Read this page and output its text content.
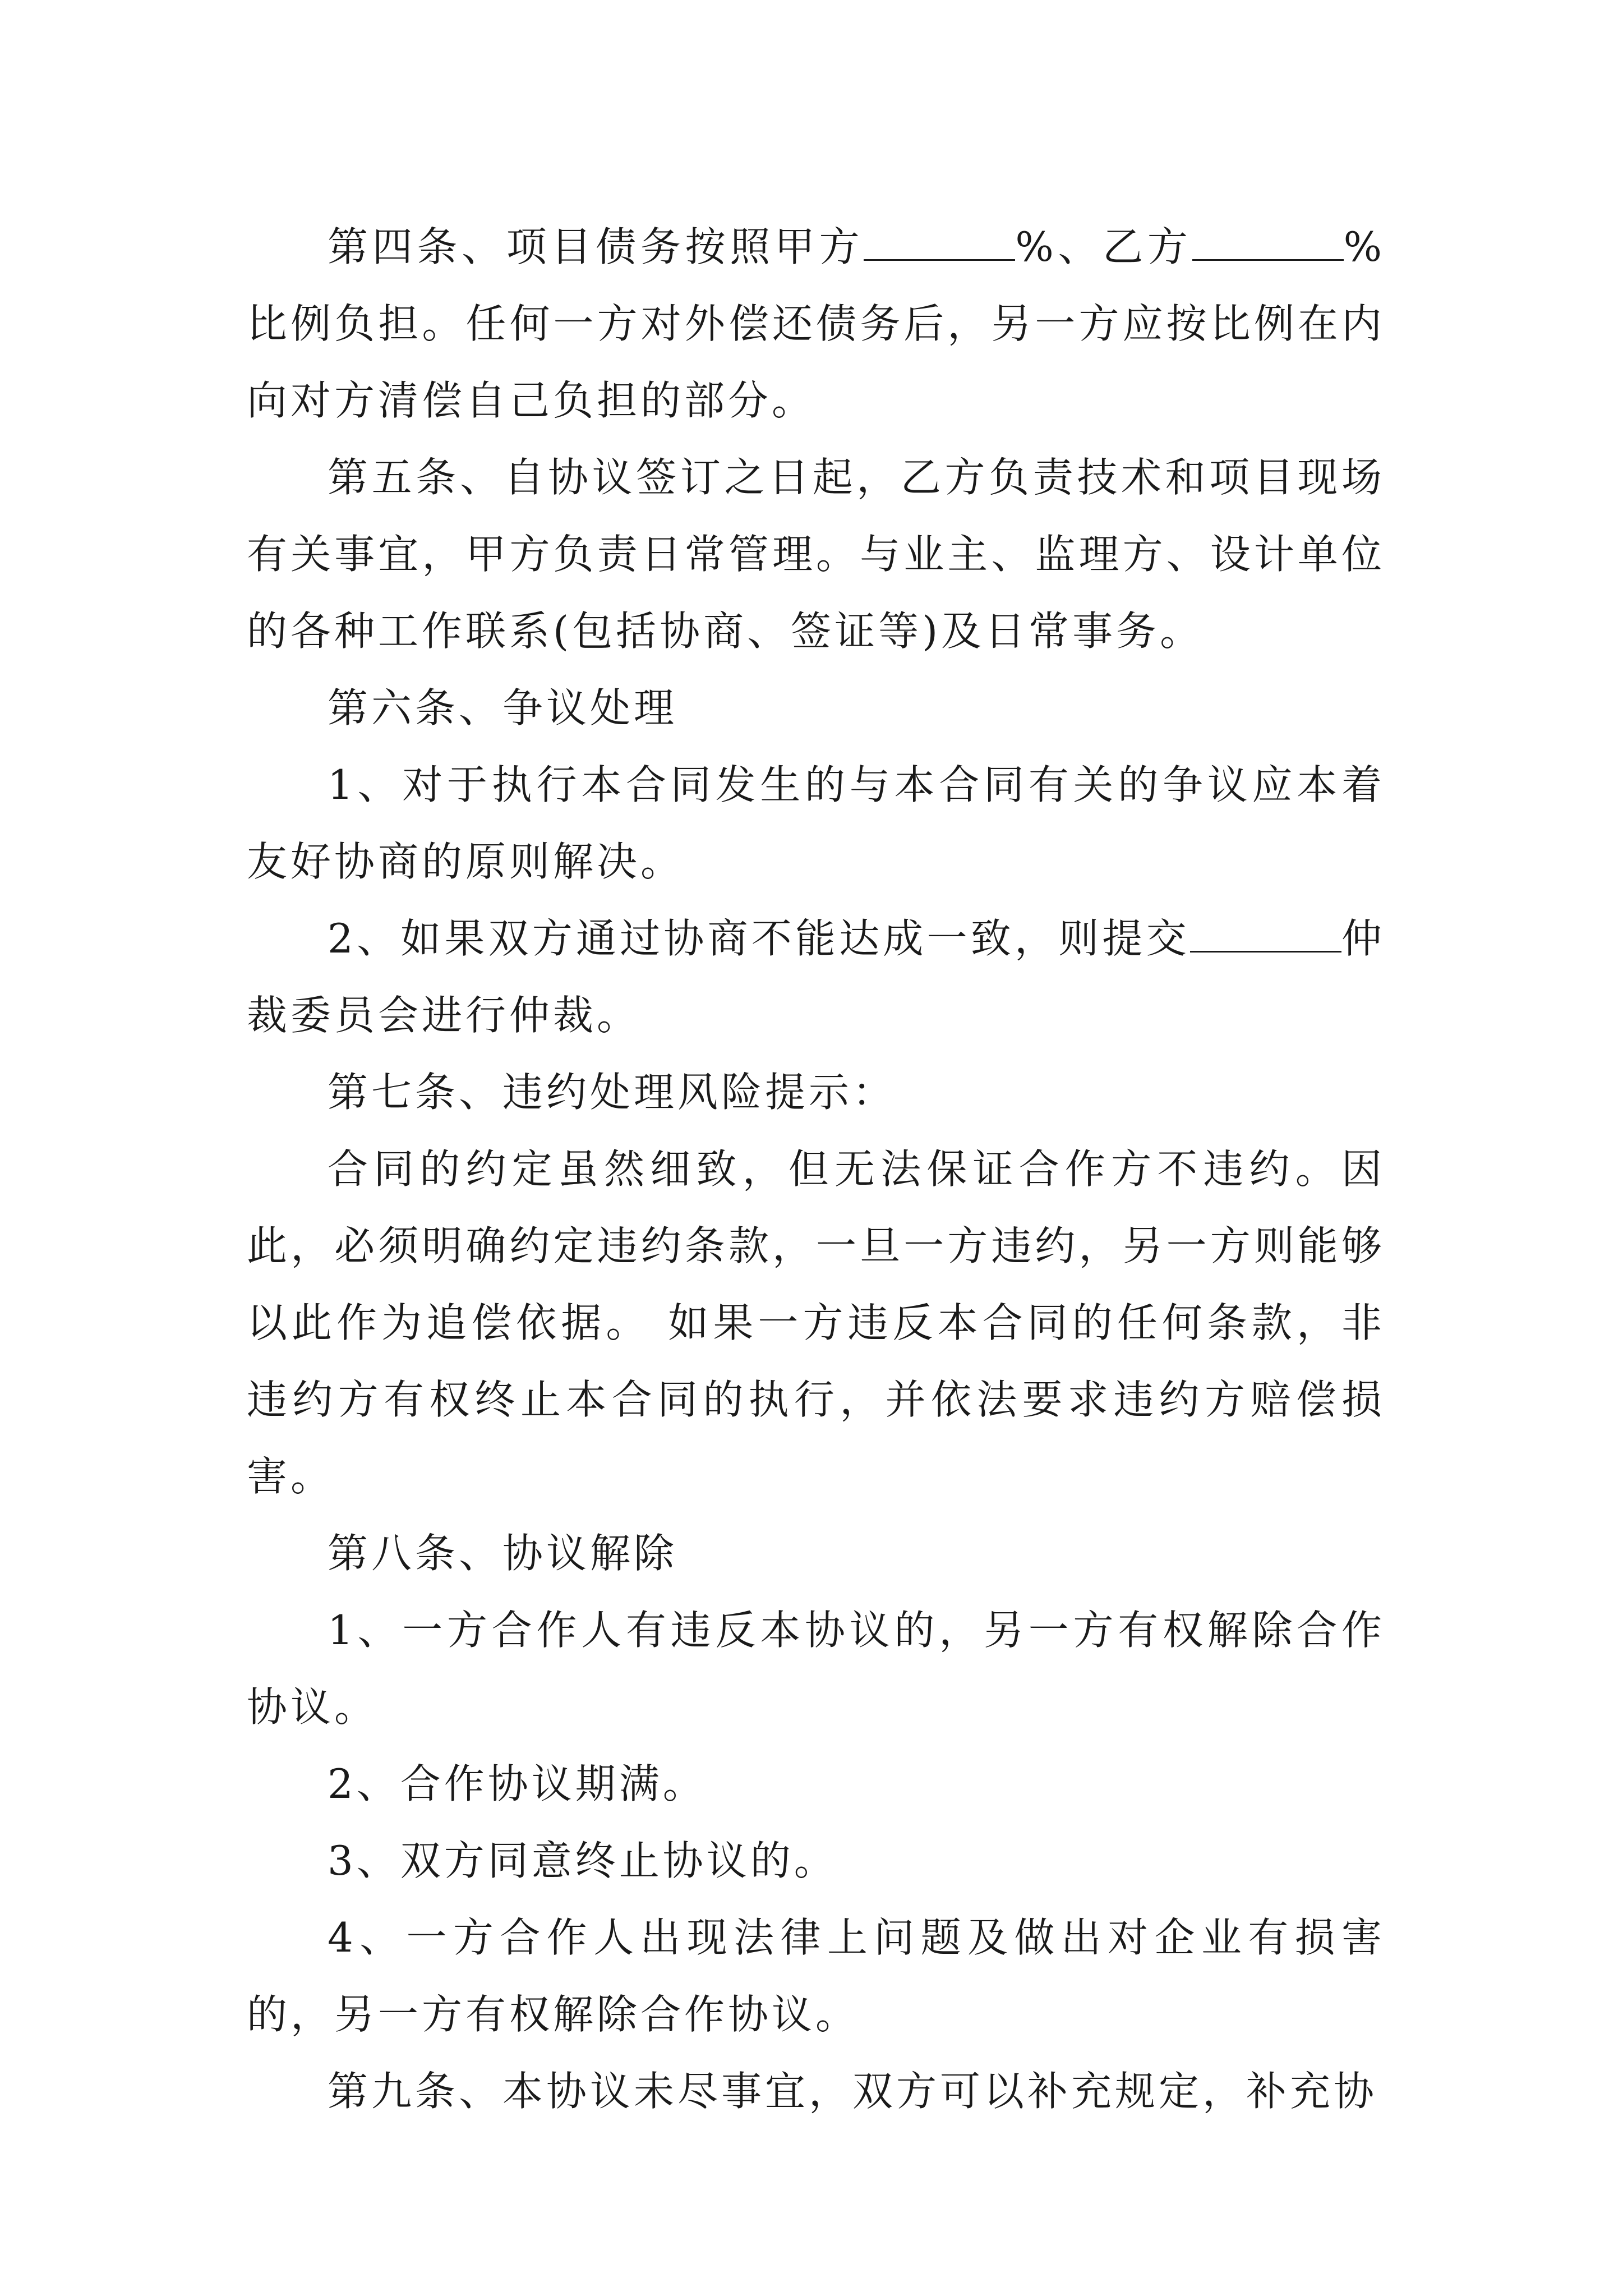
第四条、项目债务按照甲方	%、乙方	%比例负担。任何一方对外偿还债务后，另一方应按比例在内向对方清偿自己负担的部分。

第五条、自协议签订之日起，乙方负责技术和项目现场有关事宜，甲方负责日常管理。与业主、监理方、设计单位的各种工作联系(包括协商、签证等)及日常事务。

第六条、争议处理

1、对于执行本合同发生的与本合同有关的争议应本着友好协商的原则解决。

2、如果双方通过协商不能达成一致，则提交	仲裁委员会进行仲裁。

第七条、违约处理风险提示：

合同的约定虽然细致，但无法保证合作方不违约。因此，必须明确约定违约条款，一旦一方违约，另一方则能够以此作为追偿依据。 如果一方违反本合同的任何条款，非违约方有权终止本合同的执行，并依法要求违约方赔偿损害。

第八条、协议解除

1、一方合作人有违反本协议的，另一方有权解除合作协议。

2、合作协议期满。

3、双方同意终止协议的。

4、一方合作人出现法律上问题及做出对企业有损害的，另一方有权解除合作协议。

第九条、本协议未尽事宜，双方可以补充规定，补充协
